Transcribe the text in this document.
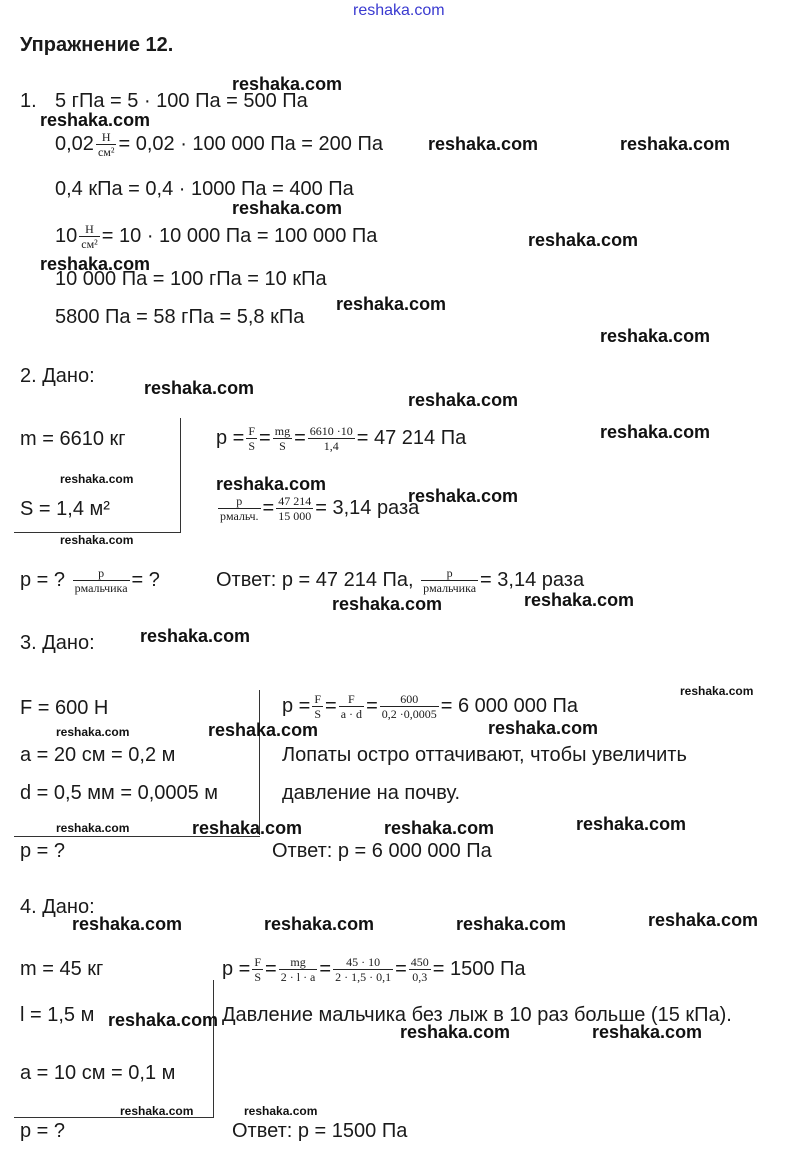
reshaka.com
Упражнение 12.
1. 5 гПа = 5 · 100 Па = 500 Па
$0,02 \frac{Н}{\text{см²}} = 0,02 \cdot 100$ 000 Па = 200 Па
0,4 кПа = 0,4 · 1000 Па = 400 Па
$10 \frac{Н}{\text{см²}} = 10 \cdot 10$ 000 Па = 100 000 Па
10 000 Па = 100 гПа = 10 кПа
5800 Па = 58 гПа = 5,8 кПа
2. Дано:
m = 6610 кг
S = 1,4 м²
p = ? $\frac{p}{\text{pмальчика}}$ = ?
$p = \frac{F}{S} = \frac{mg}{S} = \frac{6610 \cdot 10}{1,4} = 47$ 214 Па
$\frac{p}{\text{pмальч.}} = \frac{47 214}{15 000} = 3,14$ раза
Ответ: p = 47 214 Па, $\frac{p}{\text{pмальчика}} = 3,14$ раза
3. Дано:
F = 600 Н
a = 20 см = 0,2 м
d = 0,5 мм = 0,0005 м
p = ?
$p = \frac{F}{S} = \frac{F}{a \cdot d} = \frac{600}{0,2 \cdot 0,0005} = 6$ 000 000 Па
Лопаты остро оттачивают, чтобы увеличить
давление на почву.
Ответ: p = 6 000 000 Па
4. Дано:
m = 45 кг
l = 1,5 м
a = 10 см = 0,1 м
p = ?
$p = \frac{F}{S} = \frac{mg}{2 \cdot l \cdot a} = \frac{45 \cdot 10}{2 \cdot 1,5 \cdot 0,1} = \frac{450}{0,3} = 1500$ Па
Давление мальчика без лыж в 10 раз больше (15 кПа).
Ответ: p = 1500 Па
reshaka.com
reshaka.com
reshaka.com	reshaka.com
reshaka.com
reshaka.com
reshaka.com
reshaka.com
reshaka.com
reshaka.com
reshaka.com
reshaka.com
reshaka.com
reshaka.com
reshaka.com
reshaka.com
reshaka.com
reshaka.com	reshaka.com
reshaka.com	reshaka.com	reshaka.com
reshaka.com	reshaka.com	reshaka.com	reshaka.com
reshaka.com
reshaka.com	reshaka.com
reshaka.com
reshaka.com
reshaka.com
reshaka.com
reshaka.com
reshaka.com	reshaka.com
